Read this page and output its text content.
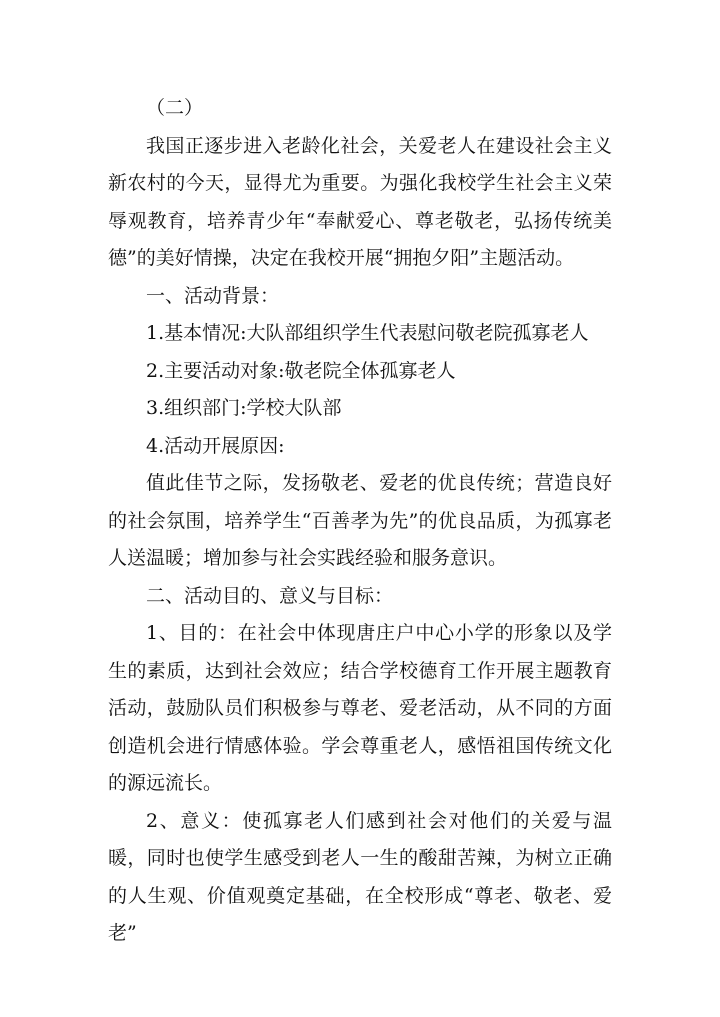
（二）

我国正逐步进入老龄化社会，关爱老人在建设社会主义新农村的今天，显得尤为重要。为强化我校学生社会主义荣辱观教育，培养青少年“奉献爱心、尊老敬老，弘扬传统美德”的美好情操，决定在我校开展“拥抱夕阳”主题活动。

一、活动背景：

1.基本情况:大队部组织学生代表慰问敬老院孤寡老人

2.主要活动对象:敬老院全体孤寡老人

3.组织部门:学校大队部

4.活动开展原因:

值此佳节之际，发扬敬老、爱老的优良传统；营造良好的社会氛围，培养学生“百善孝为先”的优良品质，为孤寡老人送温暖；增加参与社会实践经验和服务意识。

二、活动目的、意义与目标：

1、目的：在社会中体现唐庄户中心小学的形象以及学生的素质，达到社会效应；结合学校德育工作开展主题教育活动，鼓励队员们积极参与尊老、爱老活动，从不同的方面创造机会进行情感体验。学会尊重老人，感悟祖国传统文化的源远流长。

2、意义：使孤寡老人们感到社会对他们的关爱与温暖，同时也使学生感受到老人一生的酸甜苦辣，为树立正确的人生观、价值观奠定基础，在全校形成“尊老、敬老、爱老”
